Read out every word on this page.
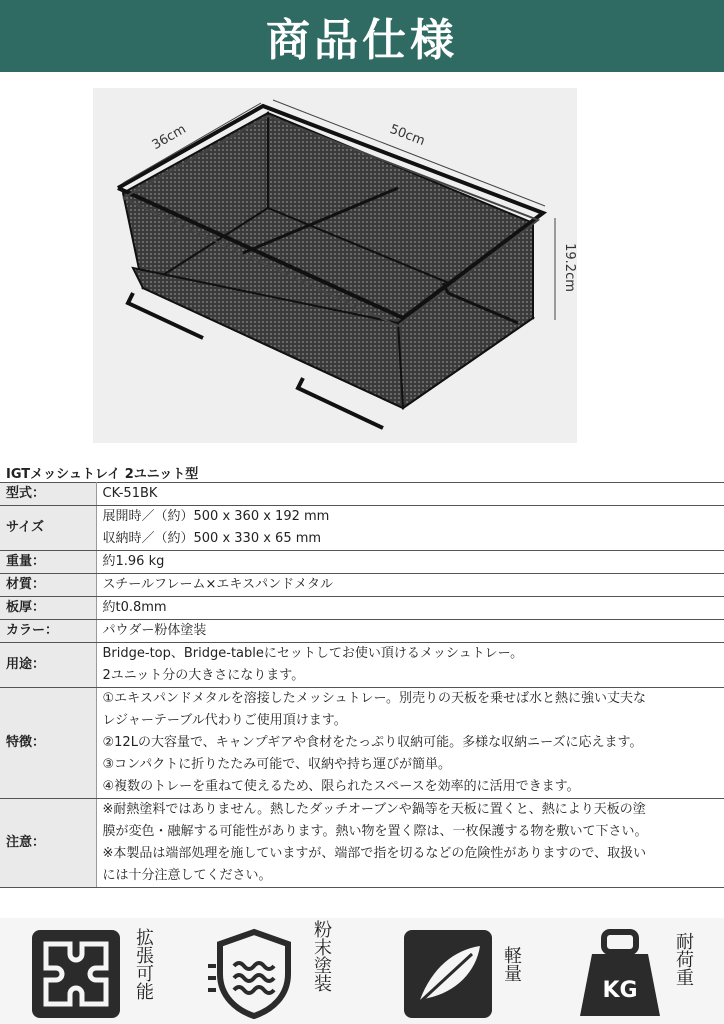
商品仕様
36cm	50cm
19.2cm
IGTメッシュトレイ 2ユニット型
型式：	CK-51BK

サイズ	展開時／（約）500 x 360 x 192 mm
収納時／（約）500 x 330 x 65 mm

重量：	約1.96 kg

材質：	スチールフレーム×エキスパンドメタル

板厚：	約t0.8mm

カラー：	パウダー粉体塗装

用途：	Bridge-top、Bridge-tableにセットしてお使い頂けるメッシュトレー。
2ユニット分の大きさになります。

特徴：	①エキスパンドメタルを溶接したメッシュトレー。別売りの天板を乗せば水と熱に強い丈夫な
レジャーテーブル代わりご使用頂けます。
②12Lの大容量で、キャンプギアや食材をたっぷり収納可能。多様な収納ニーズに応えます。
③コンパクトに折りたたみ可能で、収納や持ち運びが簡単。
④複数のトレーを重ねて使えるため、限られたスペースを効率的に活用できます。

注意：	※耐熱塗料ではありません。熱したダッチオーブンや鍋等を天板に置くと、熱により天板の塗
膜が変色・融解する可能性があります。熱い物を置く際は、一枚保護する物を敷いて下さい。
※本製品は端部処理を施していますが、端部で指を切るなどの危険性がありますので、取扱い
には十分注意してください。
拡張可能	粉末塗装	軽量
KG
耐荷重
